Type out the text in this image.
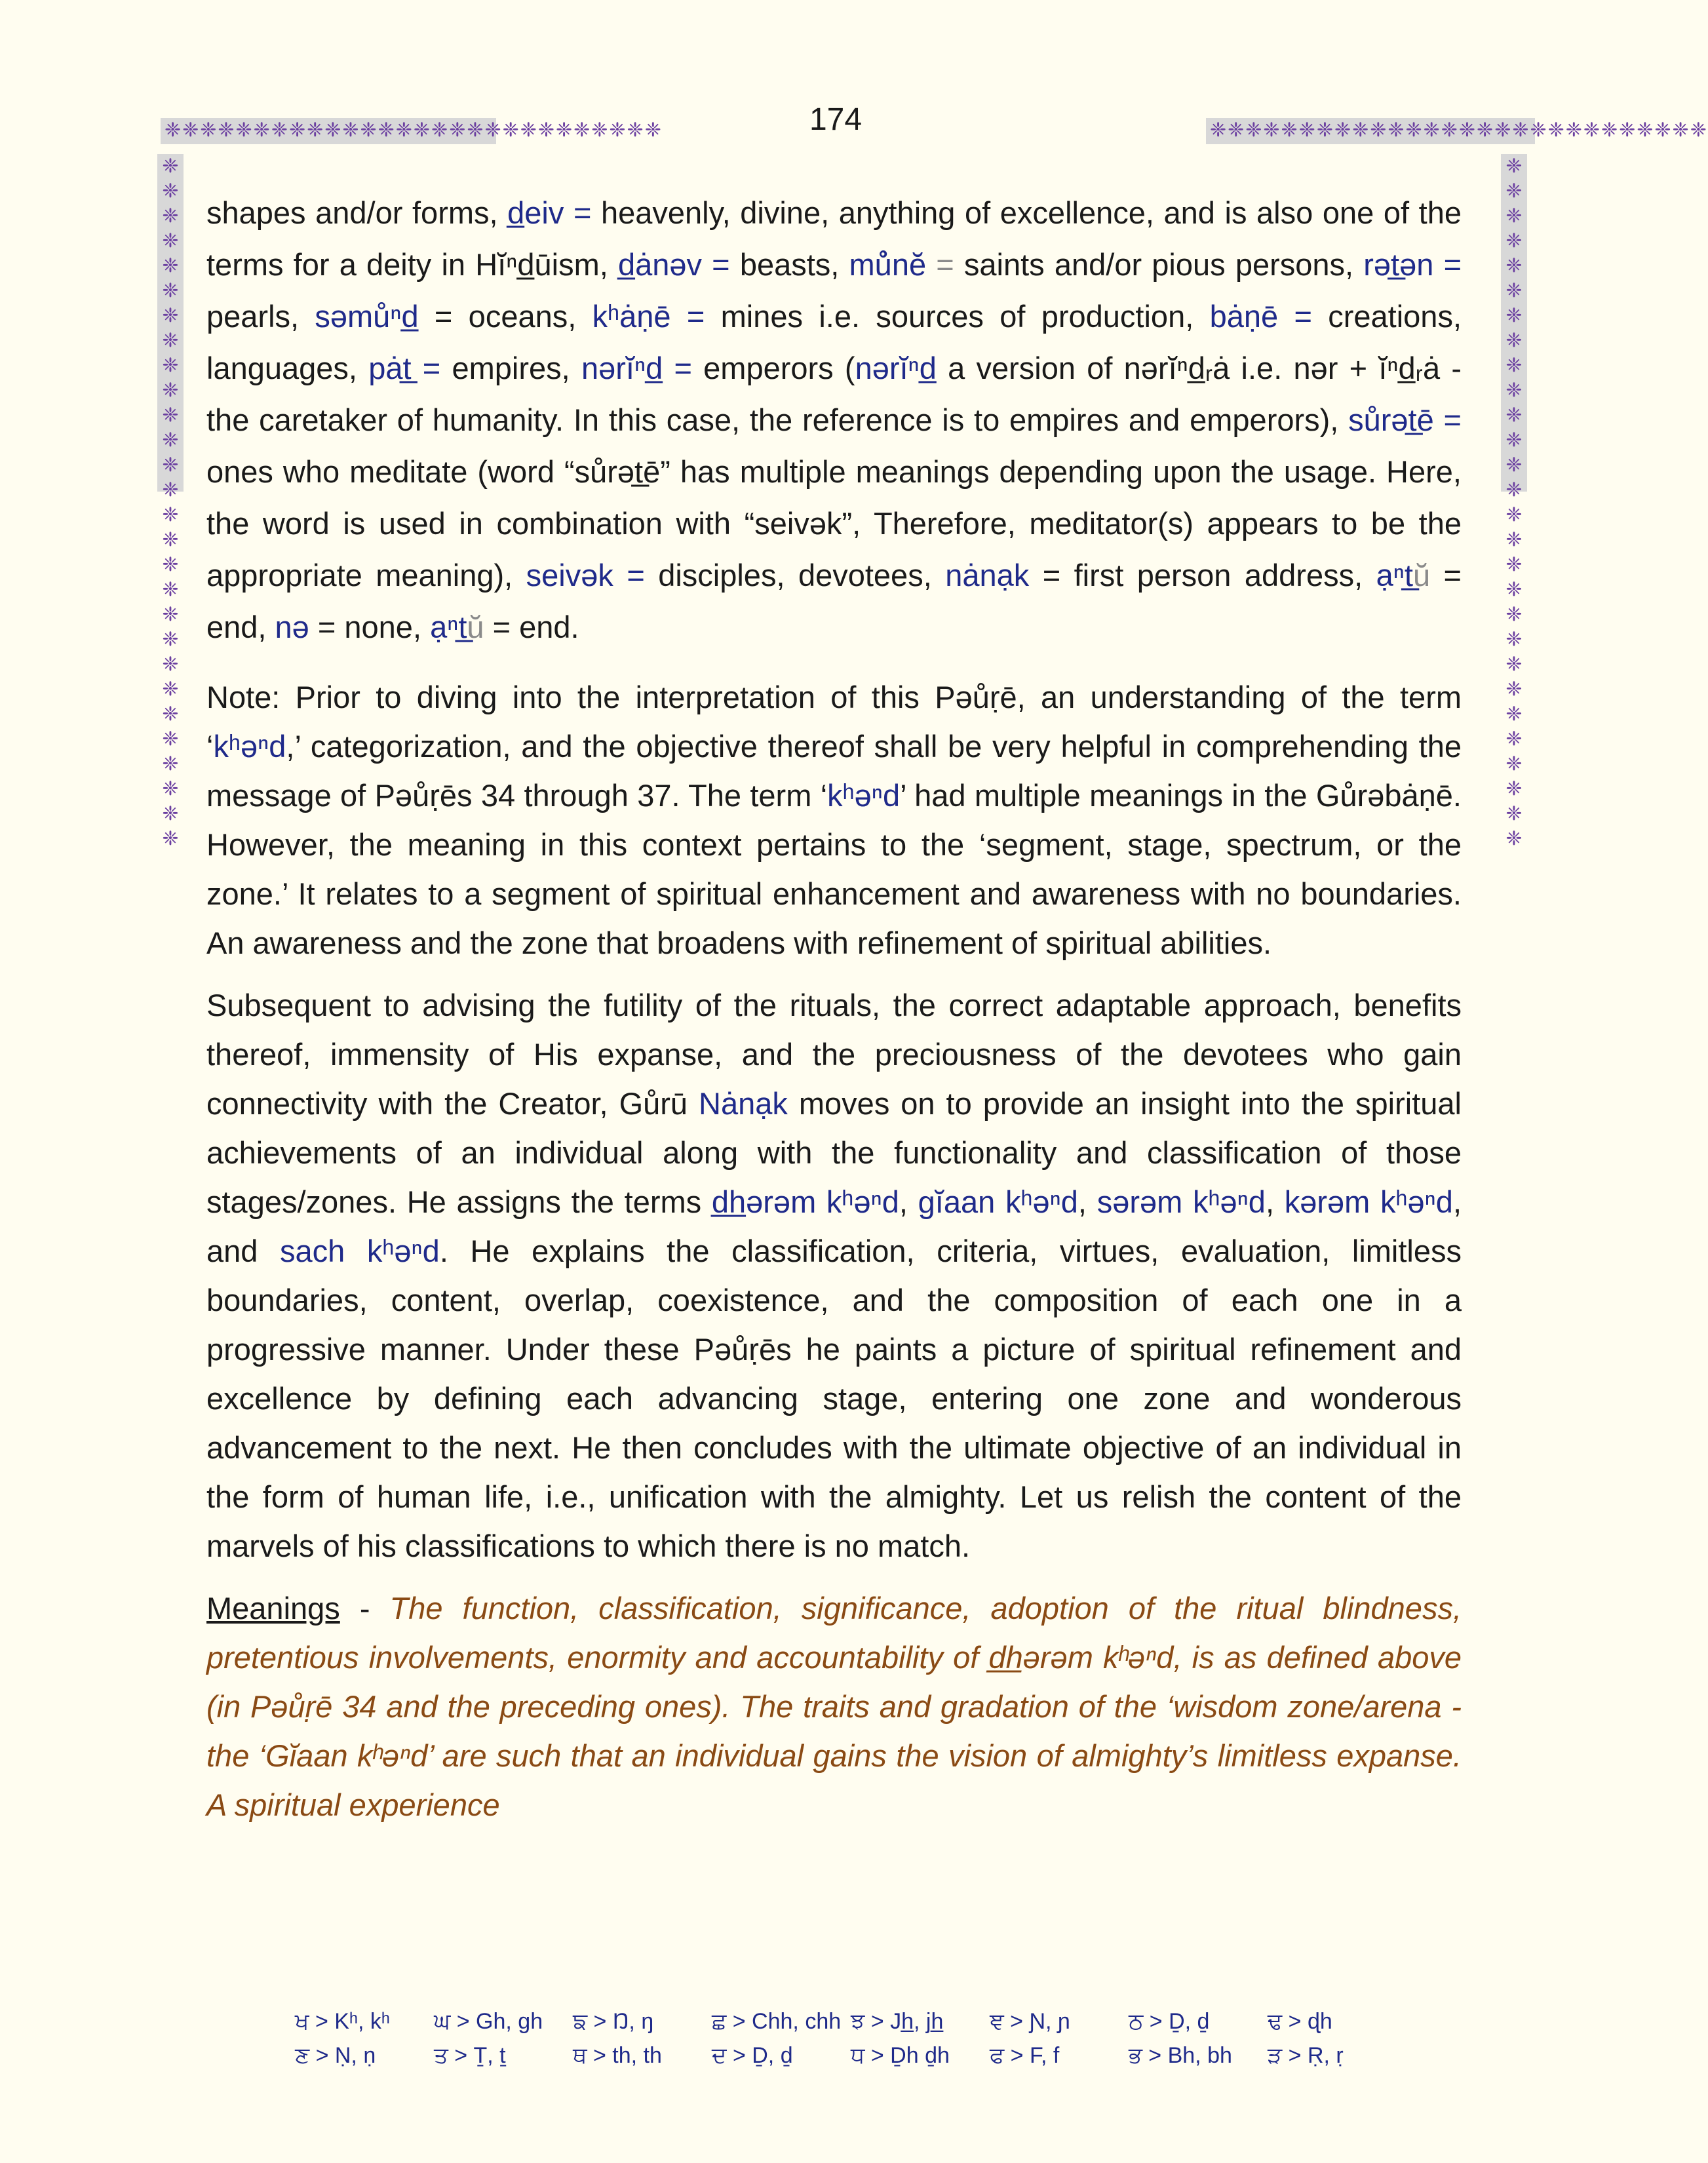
❈❈❈❈❈❈❈❈❈❈❈❈❈❈❈❈❈❈❈❈❈❈❈❈❈❈❈❈	❈❈❈❈❈❈❈❈❈❈❈❈❈❈❈❈❈❈❈❈❈❈❈❈❈❈❈❈
❈❈❈❈❈❈❈❈❈❈❈❈❈❈❈❈❈❈❈❈❈❈❈❈❈❈❈❈
❈❈❈❈❈❈❈❈❈❈❈❈❈❈❈❈❈❈❈❈❈❈❈❈❈❈❈❈
174

shapes and/or forms, d̲eiv = heavenly, divine, anything of excellence, and is also one of the terms for a deity in Hĭⁿd̲ūism, d̲ȧnəv = beasts, mů̊nĕ = saints and/or pious persons, rət̲ən = pearls, səmůⁿd̲ = oceans, kʰȧṇē = mines i.e. sources of production, bȧṇē = creations, languages, pȧt̲ = empires, nərĭⁿd̲ = emperors (nərĭⁿd̲ a version of nərĭⁿd̲ᵣȧ i.e. nər + ĭⁿd̲ᵣȧ - the caretaker of humanity. In this case, the reference is to empires and emperors), sůrət̲ē = ones who meditate (word “sůrət̲ē” has multiple meanings depending upon the usage. Here, the word is used in combination with “seivək”, Therefore, meditator(s) appears to be the appropriate meaning), seivək = disciples, devotees, nȧnạk = first person address, ạⁿt̲ŭ = end, nə = none, ạⁿt̲ŭ = end.

Note: Prior to diving into the interpretation of this Pəůṛē, an understanding of the term ‘kʰəⁿd,’ categorization, and the objective thereof shall be very helpful in comprehending the message of Pəůṛēs 34 through 37. The term ‘kʰəⁿd’ had multiple meanings in the Gůrəbȧṇē. However, the meaning in this context pertains to the ‘segment, stage, spectrum, or the zone.’ It relates to a segment of spiritual enhancement and awareness with no boundaries. An awareness and the zone that broadens with refinement of spiritual abilities.

Subsequent to advising the futility of the rituals, the correct adaptable approach, benefits thereof, immensity of His expanse, and the preciousness of the devotees who gain connectivity with the Creator, Gůrū Nȧnạk moves on to provide an insight into the spiritual achievements of an individual along with the functionality and classification of those stages/zones. He assigns the terms d̲h̲ərəm kʰəⁿd, gĭaan kʰəⁿd, sərəm kʰəⁿd, kərəm kʰəⁿd, and sach kʰəⁿd. He explains the classification, criteria, virtues, evaluation, limitless boundaries, content, overlap, coexistence, and the composition of each one in a progressive manner. Under these Pəůṛēs he paints a picture of spiritual refinement and excellence by defining each advancing stage, entering one zone and wonderous advancement to the next. He then concludes with the ultimate objective of an individual in the form of human life, i.e., unification with the almighty. Let us relish the content of the marvels of his classifications to which there is no match.

Meanings - The function, classification, significance, adoption of the ritual blindness, pretentious involvements, enormity and accountability of d̲h̲ərəm kʰəⁿd, is as defined above (in Pəůṛē 34 and the preceding ones). The traits and gradation of the ‘wisdom zone/arena - the ‘Gĭaan kʰəⁿd’ are such that an individual gains the vision of almighty’s limitless expanse. A spiritual experience

ਖ > Kʰ, kʰ	ਘ > Gh, gh	ਙ > Ŋ, ŋ	ਛ > Chh, chh ਝ > Jh̲, jh̲	ਞ > Ɲ, ɲ	ਠ > Ḏ, ḏ	ਢ > ɖh
ਣ > Ṇ, ṇ	ਤ > Ṯ, ṯ	ਥ > th, th	ਦ > Ḏ, ḏ	ਧ > Ḏh ḏh	ਫ > F, f	ਭ > Bh, bh	ੜ > Ṛ, ṛ
